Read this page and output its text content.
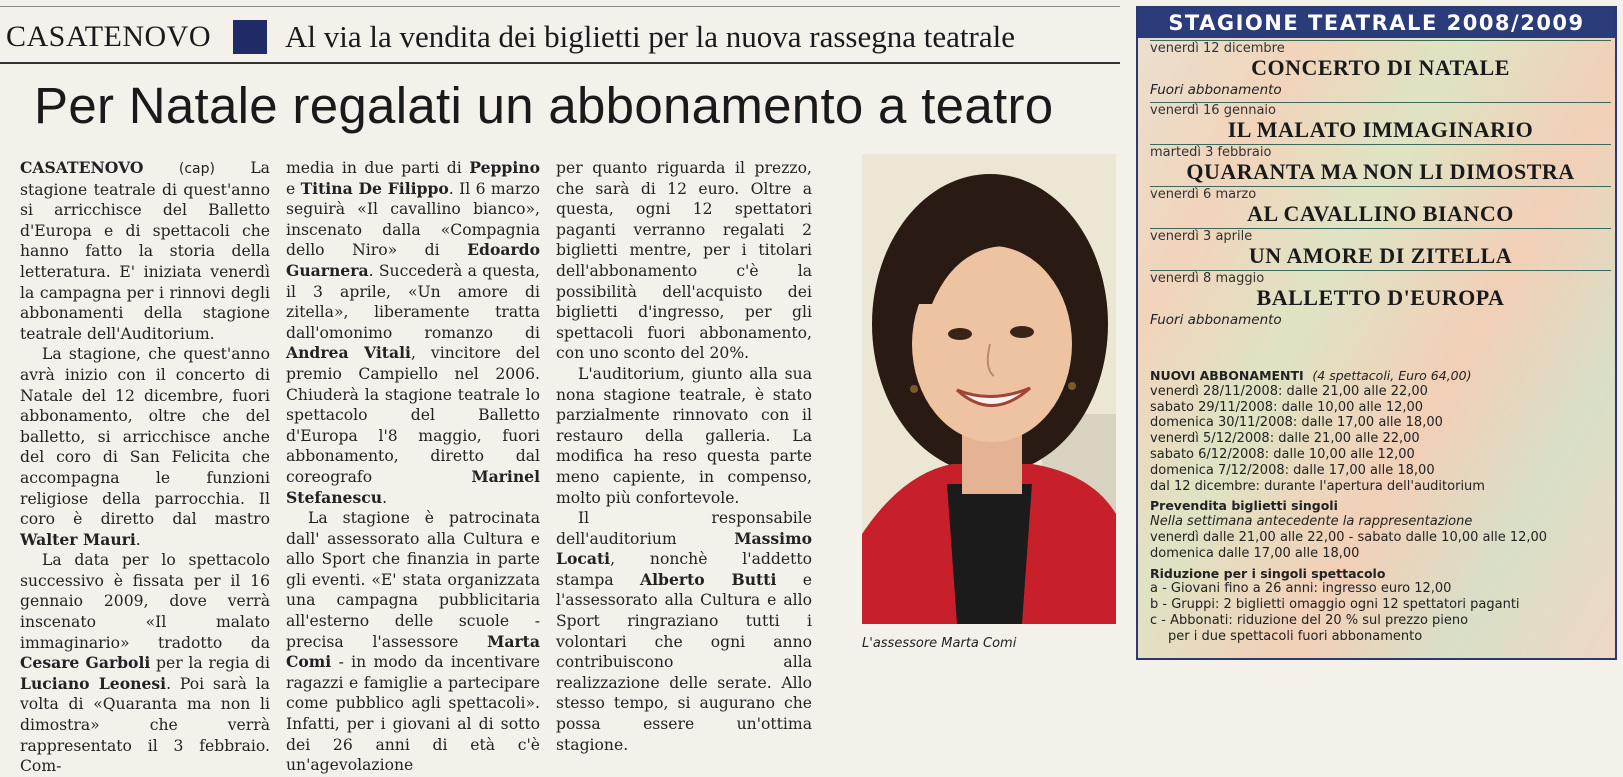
CASATENOVO Al via la vendita dei biglietti per la nuova rassegna teatrale
Per Natale regalati un abbonamento a teatro

CASATENOVO	(cap) La stagione teatrale di quest'anno si arricchisce del Balletto d'Europa e di spettacoli che hanno fatto la storia della letteratura. E' iniziata venerdì la campagna per i rinnovi degli abbonamenti della stagione teatrale dell'Auditorium.

La stagione, che quest'anno avrà inizio con il concerto di Natale del 12 dicembre, fuori abbonamento, oltre che del balletto, si arricchisce anche del coro di San Felicita che accompagna le funzioni religiose della parrocchia. Il coro è diretto dal mastro Walter Mauri.

La data per lo spettacolo successivo è fissata per il 16 gennaio 2009, dove verrà inscenato «Il malato immaginario» tradotto da Cesare Garboli per la regia di Luciano Leonesi. Poi sarà la volta di «Quaranta ma non li dimostra» che verrà rappresentato il 3 febbraio. Com-

media in due parti di Peppino e Titina De Filippo. Il 6 marzo seguirà «Il cavallino bianco», inscenato dalla «Compagnia dello Niro» di Edoardo Guarnera. Succederà a questa, il 3 aprile, «Un amore di zitella», liberamente tratta dall'omonimo romanzo di Andrea Vitali, vincitore del premio Campiello nel 2006. Chiuderà la stagione teatrale lo spettacolo del Balletto d'Europa l'8 maggio, fuori abbonamento, diretto dal coreografo	Marinel Stefanescu.

La stagione è patrocinata dall' assessorato alla Cultura e allo Sport che finanzia in parte gli eventi. «E' stata organizzata una campagna pubblicitaria all'esterno delle scuole - precisa l'assessore Marta Comi - in modo da incentivare ragazzi e famiglie a partecipare come pubblico agli spettacoli». Infatti, per i giovani al di sotto dei 26 anni di età c'è un'agevolazione

per quanto riguarda il prezzo, che sarà di 12 euro. Oltre a questa, ogni 12 spettatori paganti verranno regalati 2 biglietti mentre, per i titolari dell'abbonamento c'è la possibilità dell'acquisto dei biglietti d'ingresso, per gli spettacoli fuori abbonamento, con uno sconto del 20%.

L'auditorium, giunto alla sua nona stagione teatrale, è stato parzialmente rinnovato con il restauro della galleria. La modifica ha reso questa parte meno capiente, in compenso, molto più confortevole.

Il responsabile dell'auditorium	Massimo Locati, nonchè l'addetto stampa Alberto Butti e l'assessorato alla Cultura e allo Sport ringraziano tutti i volontari che ogni anno contribuiscono alla realizzazione delle serate. Allo stesso tempo, si augurano che possa essere un'ottima stagione.

L'assessore Marta Comi
STAGIONE TEATRALE 2008/2009
venerdì 12 dicembre
CONCERTO DI NATALE
Fuori abbonamento
venerdì 16 gennaio
IL MALATO IMMAGINARIO
martedì 3 febbraio
QUARANTA MA NON LI DIMOSTRA
venerdì 6 marzo
AL CAVALLINO BIANCO
venerdì 3 aprile
UN AMORE DI ZITELLA
venerdì 8 maggio
BALLETTO D'EUROPA
Fuori abbonamento
NUOVI ABBONAMENTI (4 spettacoli, Euro 64,00)
venerdì 28/11/2008: dalle 21,00 alle 22,00
sabato 29/11/2008: dalle 10,00 alle 12,00
domenica 30/11/2008: dalle 17,00 alle 18,00
venerdì 5/12/2008: dalle 21,00 alle 22,00
sabato 6/12/2008: dalle 10,00 alle 12,00
domenica 7/12/2008: dalle 17,00 alle 18,00
dal 12 dicembre: durante l'apertura dell'auditorium
Prevendita biglietti singoli
Nella settimana antecedente la rappresentazione
venerdì dalle 21,00 alle 22,00 - sabato dalle 10,00 alle 12,00
domenica dalle 17,00 alle 18,00
Riduzione per i singoli spettacolo
a - Giovani fino a 26 anni: ingresso euro 12,00
b - Gruppi: 2 biglietti omaggio ogni 12 spettatori paganti
c - Abbonati: riduzione del 20 % sul prezzo pieno
per i due spettacoli fuori abbonamento
